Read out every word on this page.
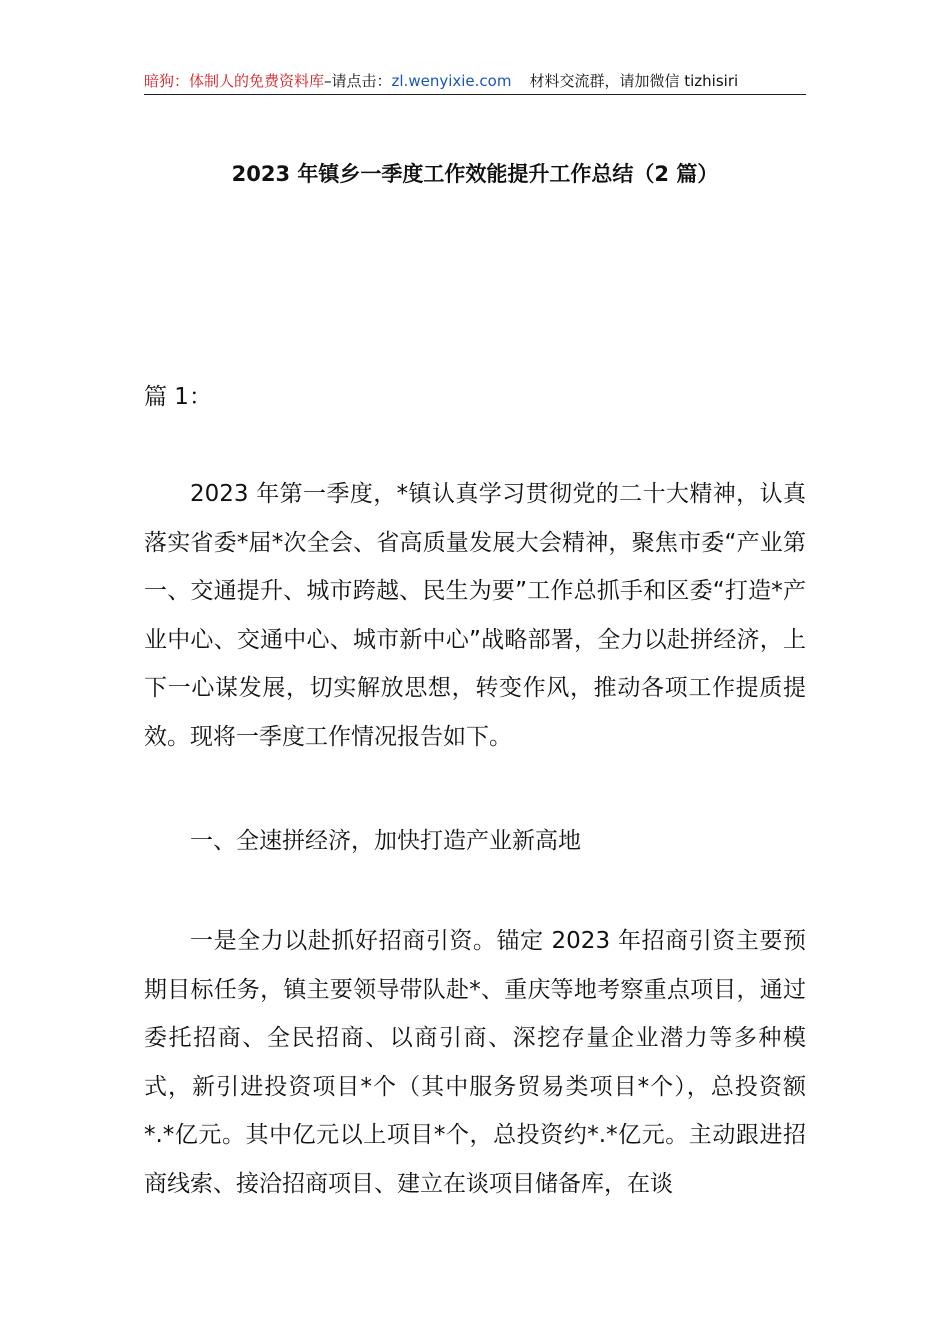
暗狗：体制人的免费资料库–请点击：zl.wenyixie.com 材料交流群，请加微信 tizhisiri
2023 年镇乡一季度工作效能提升工作总结（2 篇）
篇 1：

2023 年第一季度，*镇认真学习贯彻党的二十大精神，认真落实省委*届*次全会、省高质量发展大会精神，聚焦市委“产业第一、交通提升、城市跨越、民生为要”工作总抓手和区委“打造*产业中心、交通中心、城市新中心”战略部署，全力以赴拼经济，上下一心谋发展，切实解放思想，转变作风，推动各项工作提质提效。现将一季度工作情况报告如下。

一、全速拼经济，加快打造产业新高地

一是全力以赴抓好招商引资。锚定 2023 年招商引资主要预期目标任务，镇主要领导带队赴*、重庆等地考察重点项目，通过委托招商、全民招商、以商引商、深挖存量企业潜力等多种模式，新引进投资项目*个（其中服务贸易类项目*个），总投资额*.*亿元。其中亿元以上项目*个，总投资约*.*亿元。主动跟进招商线索、接洽招商项目、建立在谈项目储备库，在谈
